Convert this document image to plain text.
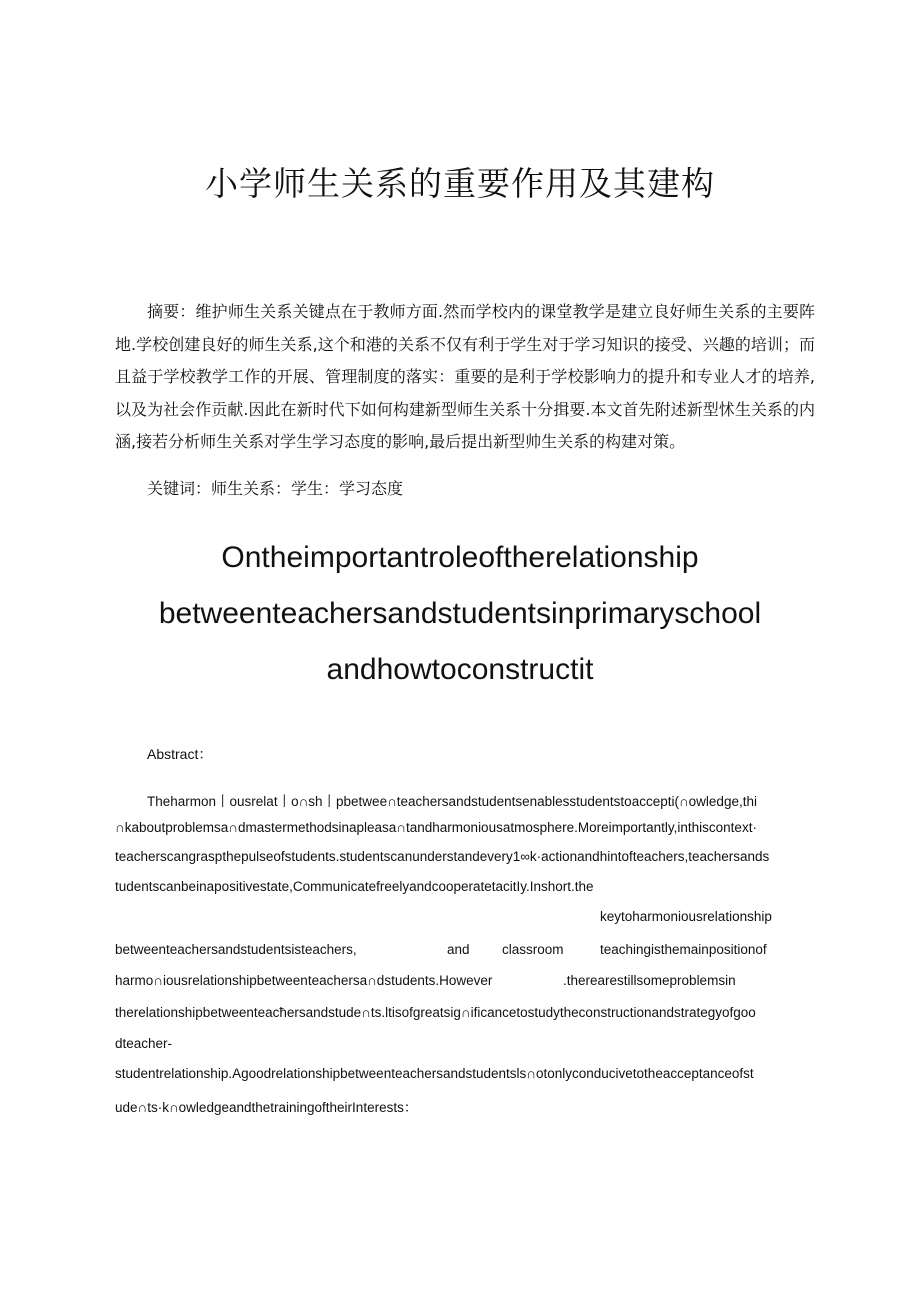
小学师生关系的重要作用及其建构

摘要：维护师生关系关键点在于教师方面.然而学校内的课堂教学是建立良好师生关系的主要阵地.学校创建良好的师生关系,这个和港的关系不仅有利于学生对于学习知识的接受、兴趣的培训；而且益于学校教学工作的开展、管理制度的落实：重要的是利于学校影响力的提升和专业人才的培养,以及为社会作贡献.因此在新时代下如何构建新型师生关系十分揖要.本文首先附述新型怵生关系的内涵,接若分析师生关系对学生学习态度的影响,最后提出新型帅生关系的构建对策。

关键词：师生关系：学生：学习态度
Ontheimportantroleoftherelationship
betweenteachersandstudentsinprimaryschool
andhowtoconstructit
Abstract：
Theharmon丨ousrelat丨o∩sh丨pbetwee∩teachersandstudentsenablesstudentstoaccepti(∩owledge,thi
∩kaboutproblemsa∩dmastermethodsinapleasa∩tandharmoniousatmosphere.Moreimportantly,inthiscontext·
teacherscangraspthepulseofstudents.studentscanunderstandevery1∞k·actionandhintofteachers,teachersands
tudentscanbeinapositivestate,CommunicatefreelyandcooperatetacitIy.Inshort.the
keytoharmoniousrelationship
betweenteachersandstudentsisteachers,	and classroom	teachingisthemainpositionof
harmo∩iousrelationshipbetweenteachersa∩dstudents.However	.therearestillsomeproblemsin
therelationshipbetweenteacħersandstude∩ts.ltisofgreatsig∩ificancetostudytheconstructionandstrategyofgoo
dteacher-
studentrelationship.Agoodrelationshipbetweenteachersandstudentsls∩otonlyconducivetotheacceptanceofst
ude∩ts·k∩owledgeandthetrainingoftheirInterests：
